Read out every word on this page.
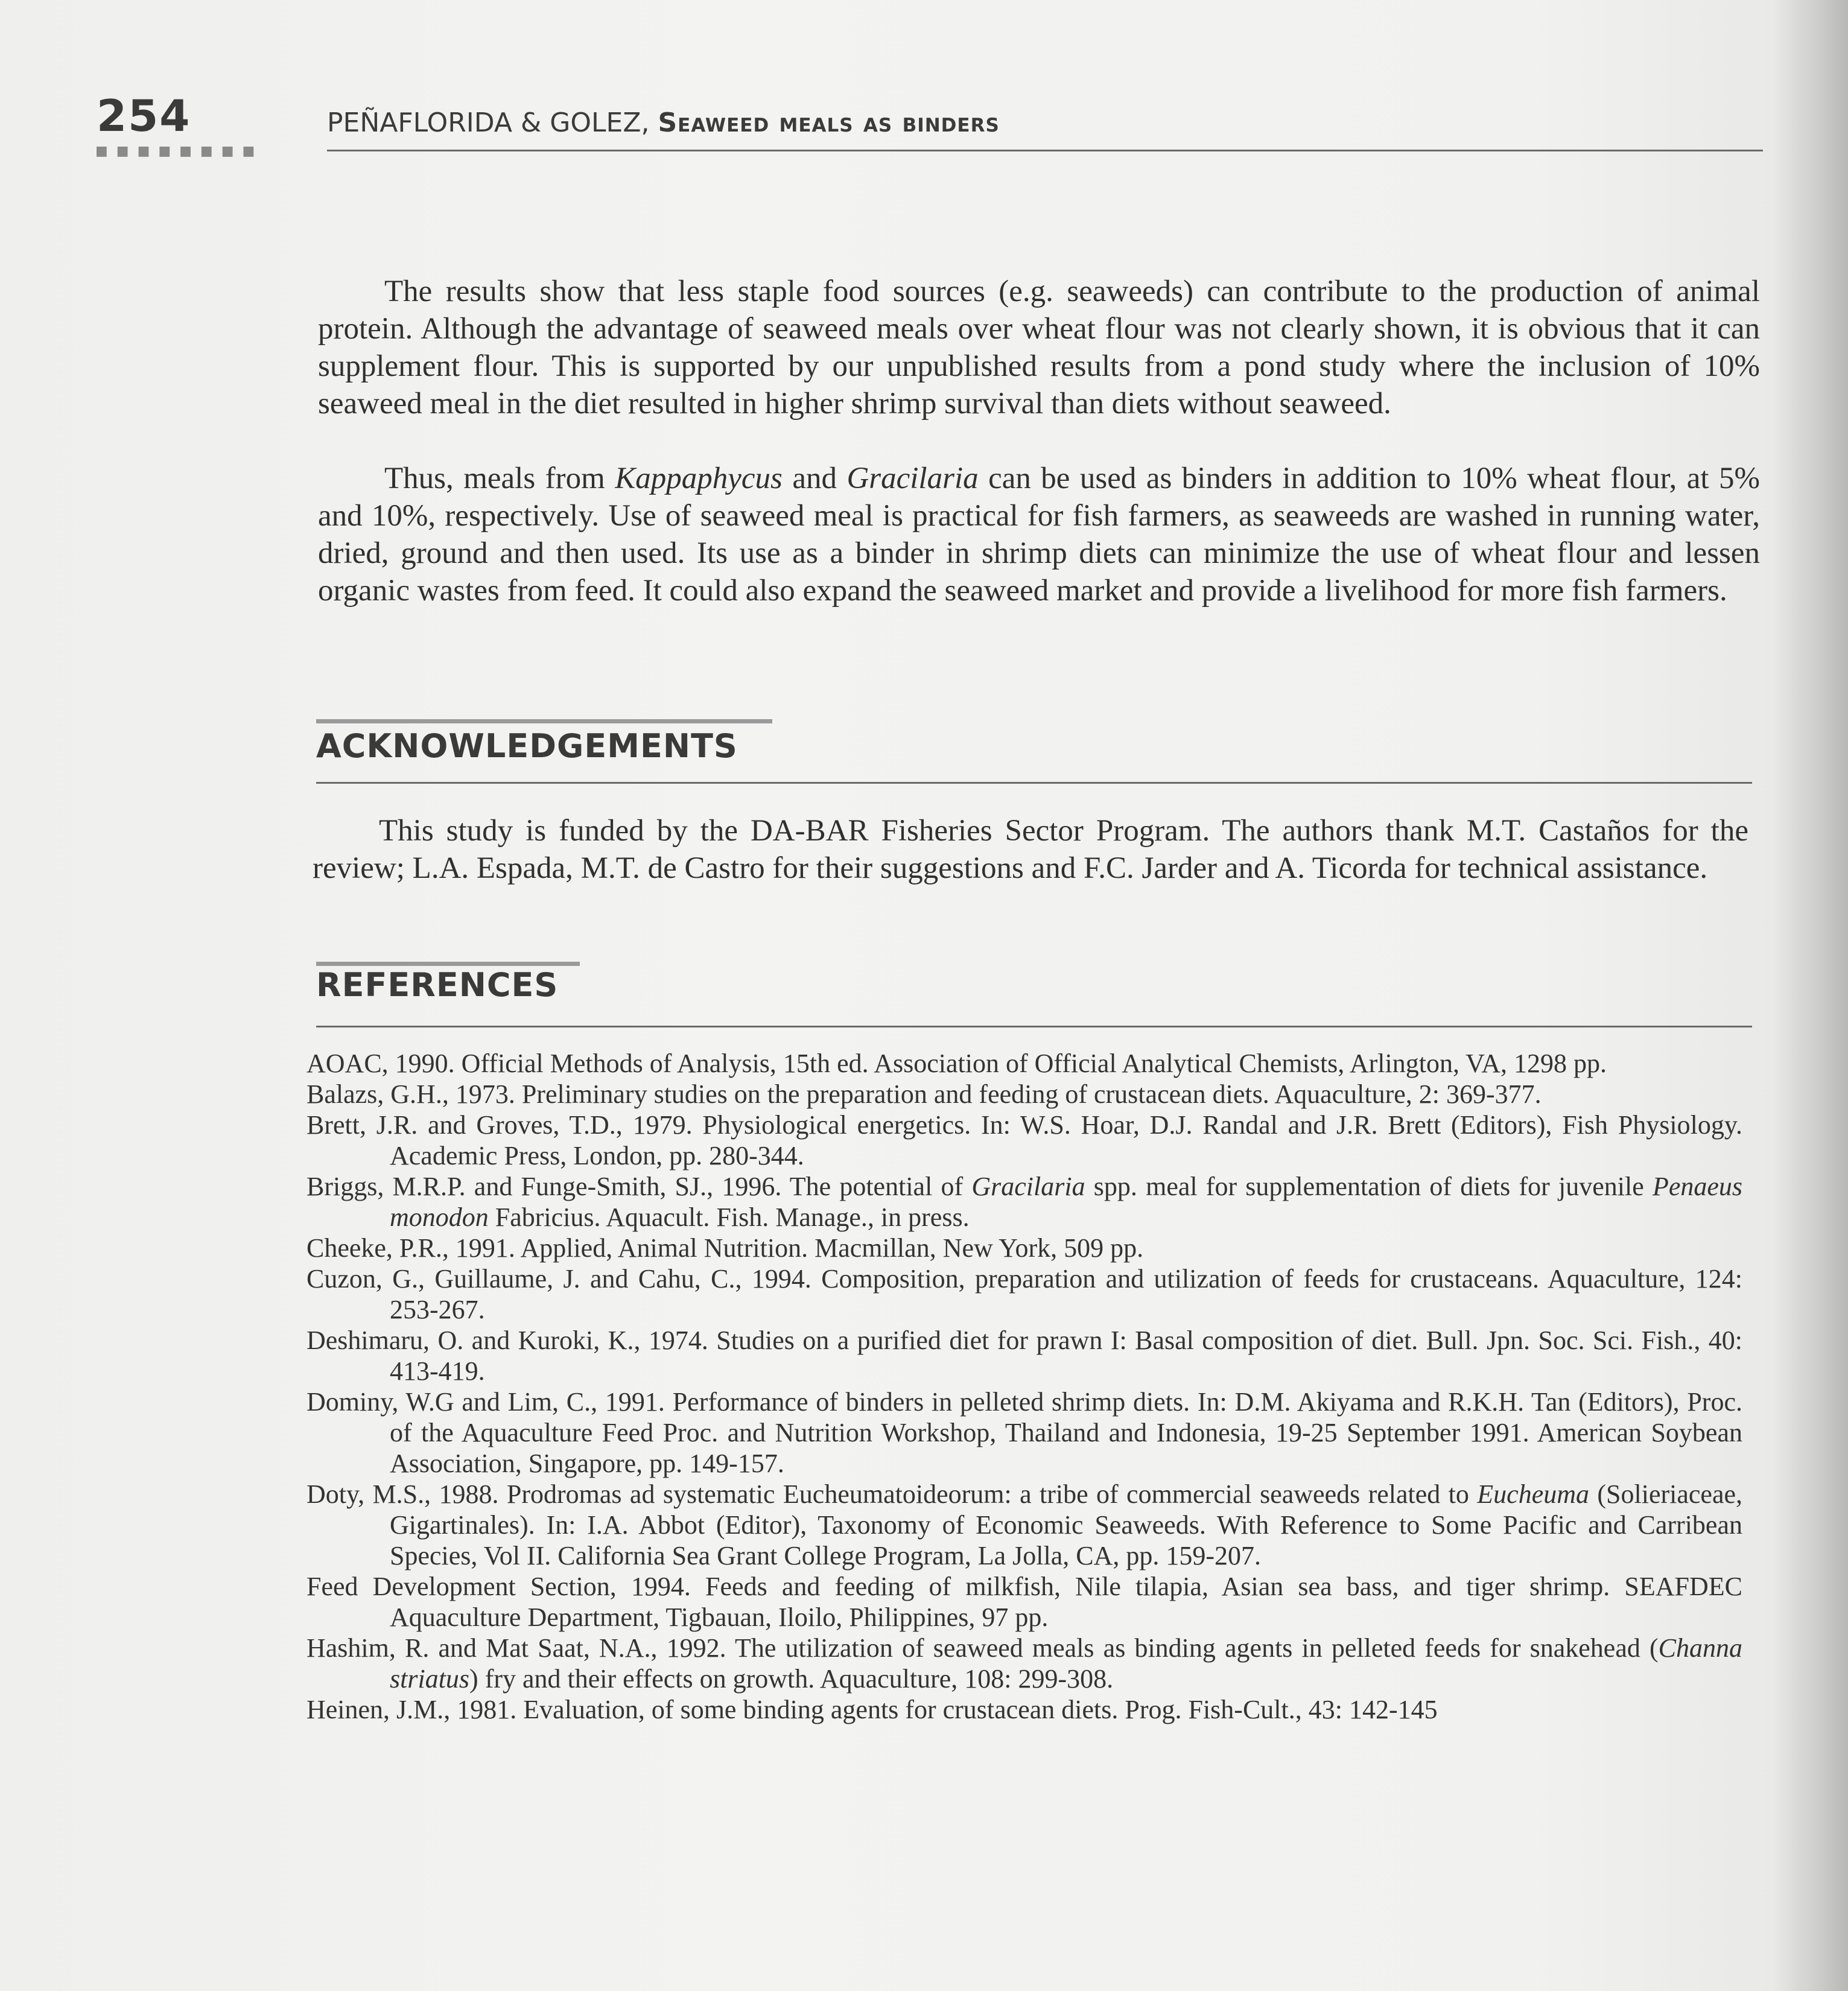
254
■■■■■■■■
PEÑAFLORIDA & GOLEZ, Seaweed meals as binders

The results show that less staple food sources (e.g. seaweeds) can contribute to the production of animal protein. Although the advantage of seaweed meals over wheat flour was not clearly shown, it is obvious that it can supplement flour. This is supported by our unpublished results from a pond study where the inclusion of 10% seaweed meal in the diet resulted in higher shrimp survival than diets without seaweed.

Thus, meals from Kappaphycus and Gracilaria can be used as binders in addition to 10% wheat flour, at 5% and 10%, respectively. Use of seaweed meal is practical for fish farmers, as seaweeds are washed in running water, dried, ground and then used. Its use as a binder in shrimp diets can minimize the use of wheat flour and lessen organic wastes from feed. It could also expand the seaweed market and provide a livelihood for more fish farmers.

ACKNOWLEDGEMENTS

This study is funded by the DA-BAR Fisheries Sector Program. The authors thank M.T. Castaños for the review; L.A. Espada, M.T. de Castro for their suggestions and F.C. Jarder and A. Ticorda for technical assistance.

REFERENCES

AOAC, 1990. Official Methods of Analysis, 15th ed. Association of Official Analytical Chemists, Arlington, VA, 1298 pp.

Balazs, G.H., 1973. Preliminary studies on the preparation and feeding of crustacean diets. Aquaculture, 2: 369-377.

Brett, J.R. and Groves, T.D., 1979. Physiological energetics. In: W.S. Hoar, D.J. Randal and J.R. Brett (Editors), Fish Physiology. Academic Press, London, pp. 280-344.

Briggs, M.R.P. and Funge-Smith, SJ., 1996. The potential of Gracilaria spp. meal for supplementation of diets for juvenile Penaeus monodon Fabricius. Aquacult. Fish. Manage., in press.

Cheeke, P.R., 1991. Applied, Animal Nutrition. Macmillan, New York, 509 pp.

Cuzon, G., Guillaume, J. and Cahu, C., 1994. Composition, preparation and utilization of feeds for crustaceans. Aquaculture, 124: 253-267.

Deshimaru, O. and Kuroki, K., 1974. Studies on a purified diet for prawn I: Basal composition of diet. Bull. Jpn. Soc. Sci. Fish., 40: 413-419.

Dominy, W.G and Lim, C., 1991. Performance of binders in pelleted shrimp diets. In: D.M. Akiyama and R.K.H. Tan (Editors), Proc. of the Aquaculture Feed Proc. and Nutrition Workshop, Thailand and Indonesia, 19-25 September 1991. American Soybean Association, Singapore, pp. 149-157.

Doty, M.S., 1988. Prodromas ad systematic Eucheumatoideorum: a tribe of commercial seaweeds related to Eucheuma (Solieriaceae, Gigartinales). In: I.A. Abbot (Editor), Taxonomy of Economic Seaweeds. With Reference to Some Pacific and Carribean Species, Vol II. California Sea Grant College Program, La Jolla, CA, pp. 159-207.

Feed Development Section, 1994. Feeds and feeding of milkfish, Nile tilapia, Asian sea bass, and tiger shrimp. SEAFDEC Aquaculture Department, Tigbauan, Iloilo, Philippines, 97 pp.

Hashim, R. and Mat Saat, N.A., 1992. The utilization of seaweed meals as binding agents in pelleted feeds for snakehead (Channa striatus) fry and their effects on growth. Aquaculture, 108: 299-308.

Heinen, J.M., 1981. Evaluation, of some binding agents for crustacean diets. Prog. Fish-Cult., 43: 142-145
